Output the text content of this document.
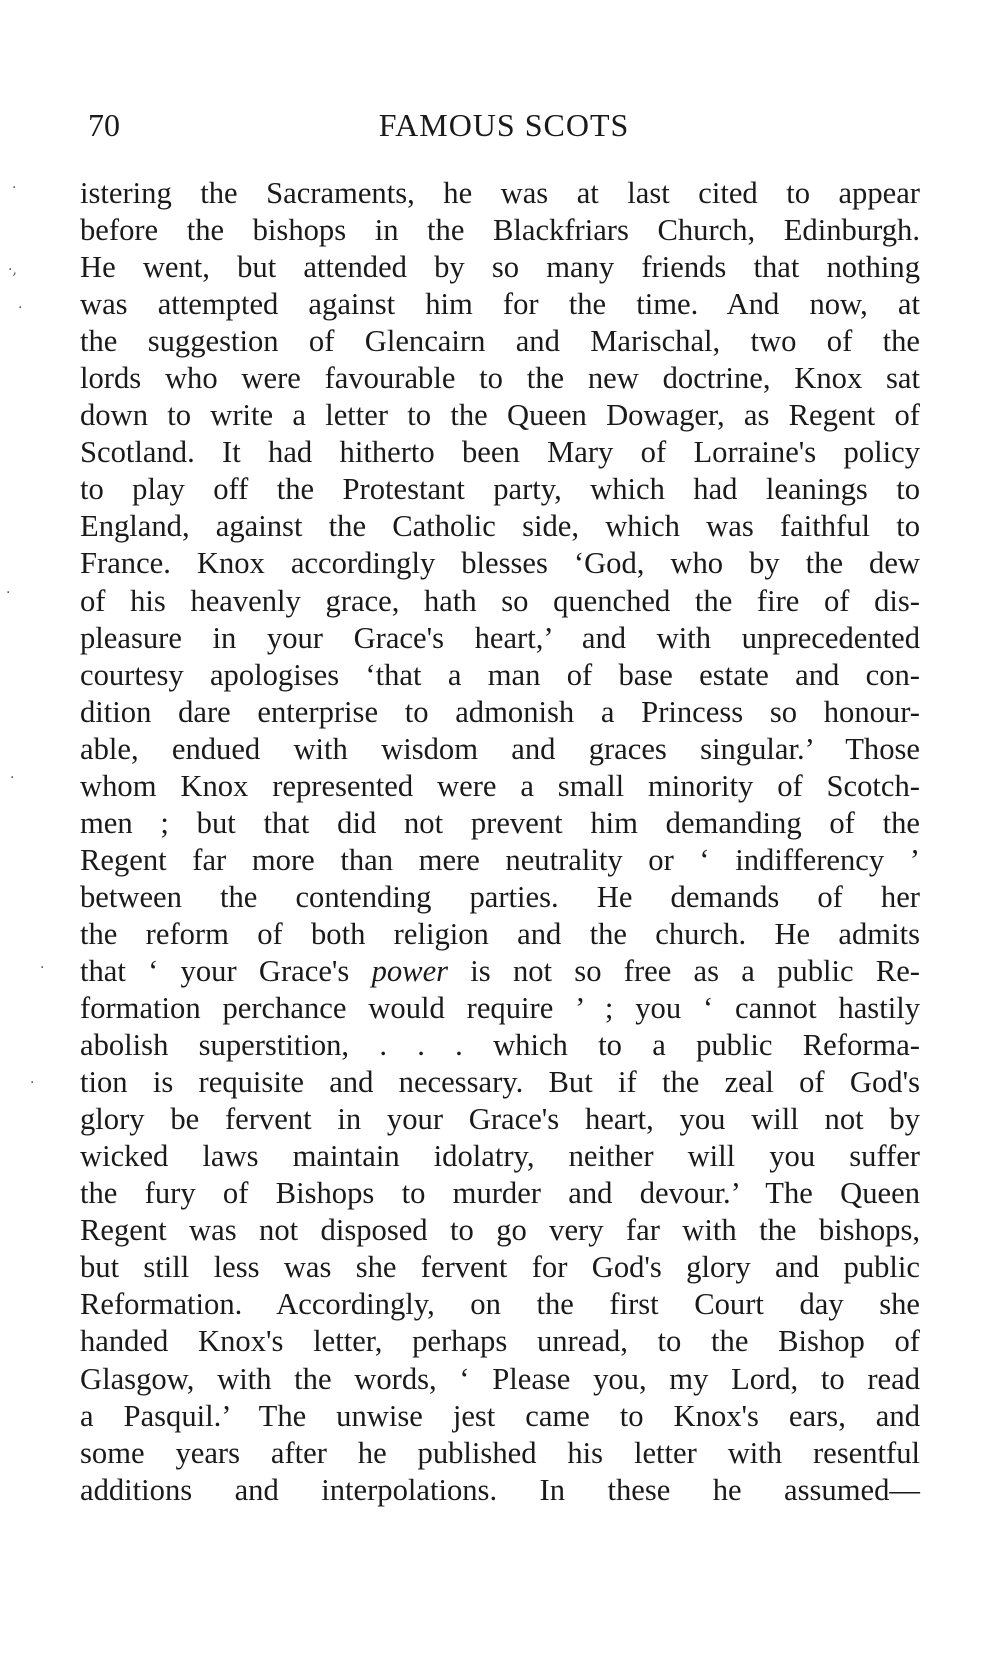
70	FAMOUS SCOTS
·
·,
·
·
·
·
·
istering the Sacraments, he was at last cited to appear
before the bishops in the Blackfriars Church, Edinburgh.
He went, but attended by so many friends that nothing
was attempted against him for the time. And now, at
the suggestion of Glencairn and Marischal, two of the
lords who were favourable to the new doctrine, Knox sat
down to write a letter to the Queen Dowager, as Regent of
Scotland. It had hitherto been Mary of Lorraine's policy
to play off the Protestant party, which had leanings to
England, against the Catholic side, which was faithful to
France. Knox accordingly blesses ‘God, who by the dew
of his heavenly grace, hath so quenched the fire of dis-
pleasure in your Grace's heart,’ and with unprecedented
courtesy apologises ‘that a man of base estate and con-
dition dare enterprise to admonish a Princess so honour-
able, endued with wisdom and graces singular.’ Those
whom Knox represented were a small minority of Scotch-
men ; but that did not prevent him demanding of the
Regent far more than mere neutrality or ‘ indifferency ’
between the contending parties. He demands of her
the reform of both religion and the church. He admits
that ‘ your Grace's power is not so free as a public Re-
formation perchance would require ’ ; you ‘ cannot hastily
abolish superstition, . . . which to a public Reforma-
tion is requisite and necessary. But if the zeal of God's
glory be fervent in your Grace's heart, you will not by
wicked laws maintain idolatry, neither will you suffer
the fury of Bishops to murder and devour.’ The Queen
Regent was not disposed to go very far with the bishops,
but still less was she fervent for God's glory and public
Reformation. Accordingly, on the first Court day she
handed Knox's letter, perhaps unread, to the Bishop of
Glasgow, with the words, ‘ Please you, my Lord, to read
a Pasquil.’ The unwise jest came to Knox's ears, and
some years after he published his letter with resentful
additions and interpolations. In these he assumed—
